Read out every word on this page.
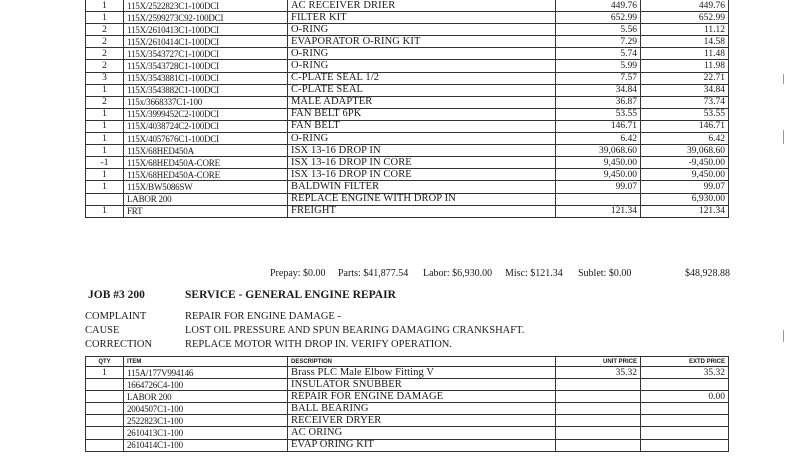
1	115X/2522823C1-100DCI	AC RECEIVER DRIER	449.76	449.76
1	115X/2599273C92-100DCI	FILTER KIT	652.99	652.99
2	115X/2610413C1-100DCI	O-RING	5.56	11.12
2	115X/2610414C1-100DCI	EVAPORATOR O-RING KIT	7.29	14.58
2	115X/3543727C1-100DCI	O-RING	5.74	11.48
2	115X/3543728C1-100DCI	O-RING	5.99	11.98
3	115X/3543881C1-100DCI	C-PLATE SEAL 1/2	7.57	22.71
1	115X/3543882C1-100DCI	C-PLATE SEAL	34.84	34.84
2	115x/3668337C1-100	MALE ADAPTER	36.87	73.74
1	115X/3999452C2-100DCI	FAN BELT 6PK	53.55	53.55
1	115X/4038724C2-100DCI	FAN BELT	146.71	146.71
1	115X/4057676C1-100DCI	O-RING	6.42	6.42
1	115X/68HED450A	ISX 13-16 DROP IN	39,068.60	39,068.60
-1	115X/68HED450A-CORE	ISX 13-16 DROP IN CORE	9,450.00	-9,450.00
1	115X/68HED450A-CORE	ISX 13-16 DROP IN CORE	9,450.00	9,450.00
1	115X/BW5086SW	BALDWIN FILTER	99.07	99.07
	LABOR 200	REPLACE ENGINE WITH DROP IN		6,930.00
1	FRT	FREIGHT	121.34	121.34
Prepay: $0.00 Parts: $41,877.54 Labor: $6,930.00 Misc: $121.34 Sublet: $0.00	$48,928.88
JOB #3 200	SERVICE - GENERAL ENGINE REPAIR
COMPLAINT	REPAIR FOR ENGINE DAMAGE -
CAUSE	LOST OIL PRESSURE AND SPUN BEARING DAMAGING CRANKSHAFT.
CORRECTION	REPLACE MOTOR WITH DROP IN. VERIFY OPERATION.
QTY	ITEM	DESCRIPTION	UNIT PRICE	EXTD PRICE
1	115A/177V994146	Brass PLC Male Elbow Fitting V	35.32	35.32
	1664726C4-100	INSULATOR SNUBBER		
	LABOR 200	REPAIR FOR ENGINE DAMAGE		0.00
	2004507C1-100	BALL BEARING		
	2522823C1-100	RECEIVER DRYER		
	2610413C1-100	AC ORING		
	2610414C1-100	EVAP ORING KIT		
